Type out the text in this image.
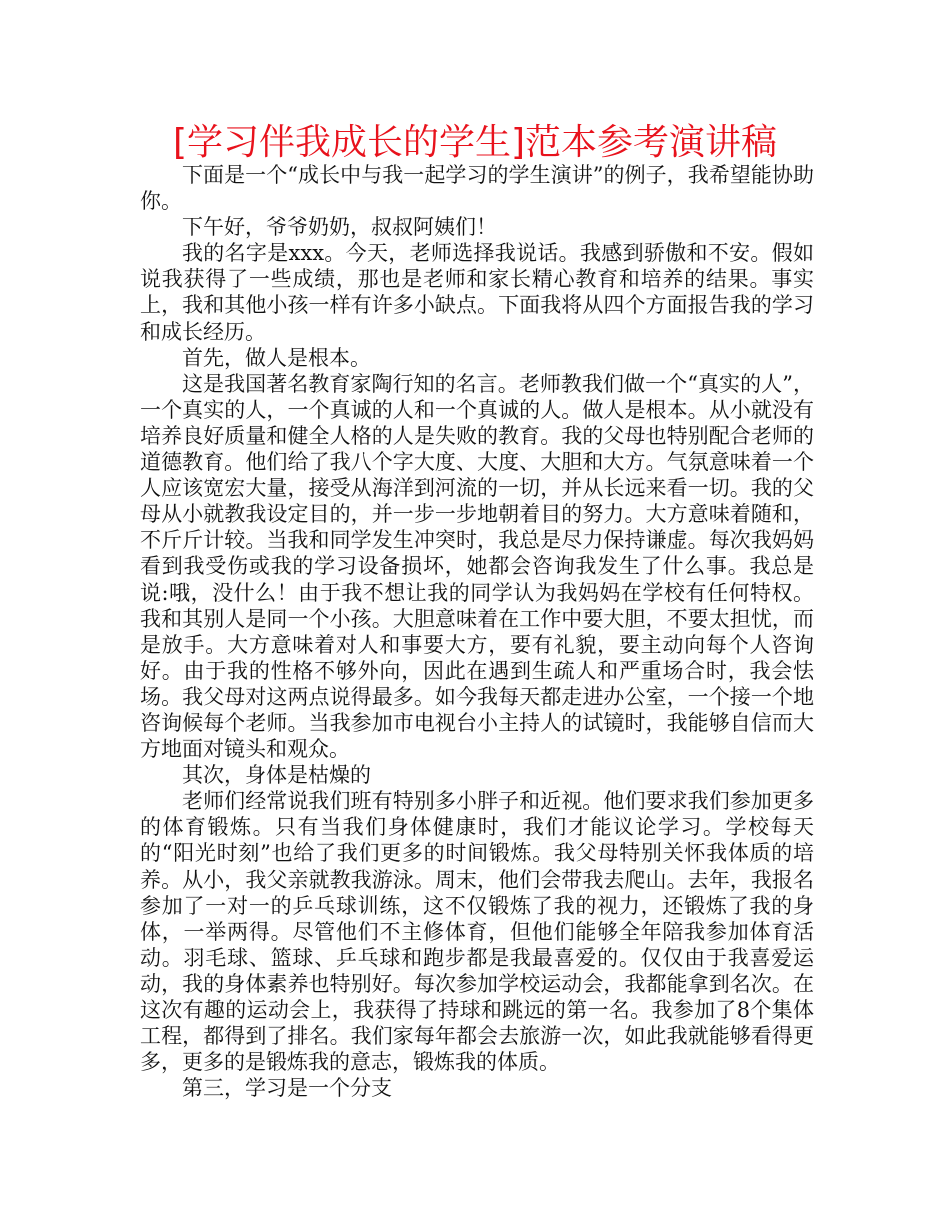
[学习伴我成长的学生]范本参考演讲稿

下面是一个“成长中与我一起学习的学生演讲”的例子，我希望能协助你。

下午好，爷爷奶奶，叔叔阿姨们！

我的名字是xxx。今天，老师选择我说话。我感到骄傲和不安。假如说我获得了一些成绩，那也是老师和家长精心教育和培养的结果。事实上，我和其他小孩一样有许多小缺点。下面我将从四个方面报告我的学习和成长经历。

首先，做人是根本。

这是我国著名教育家陶行知的名言。老师教我们做一个“真实的人”，一个真实的人，一个真诚的人和一个真诚的人。做人是根本。从小就没有培养良好质量和健全人格的人是失败的教育。我的父母也特别配合老师的道德教育。他们给了我八个字大度、大度、大胆和大方。气氛意味着一个人应该宽宏大量，接受从海洋到河流的一切，并从长远来看一切。我的父母从小就教我设定目的，并一步一步地朝着目的努力。大方意味着随和，不斤斤计较。当我和同学发生冲突时，我总是尽力保持谦虚。每次我妈妈看到我受伤或我的学习设备损坏，她都会咨询我发生了什么事。我总是说:哦，没什么！由于我不想让我的同学认为我妈妈在学校有任何特权。我和其别人是同一个小孩。大胆意味着在工作中要大胆，不要太担忧，而是放手。大方意味着对人和事要大方，要有礼貌，要主动向每个人咨询好。由于我的性格不够外向，因此在遇到生疏人和严重场合时，我会怯场。我父母对这两点说得最多。如今我每天都走进办公室，一个接一个地咨询候每个老师。当我参加市电视台小主持人的试镜时，我能够自信而大方地面对镜头和观众。

其次，身体是枯燥的

老师们经常说我们班有特别多小胖子和近视。他们要求我们参加更多的体育锻炼。只有当我们身体健康时，我们才能议论学习。学校每天的“阳光时刻”也给了我们更多的时间锻炼。我父母特别关怀我体质的培养。从小，我父亲就教我游泳。周末，他们会带我去爬山。去年，我报名参加了一对一的乒乓球训练，这不仅锻炼了我的视力，还锻炼了我的身体，一举两得。尽管他们不主修体育，但他们能够全年陪我参加体育活动。羽毛球、篮球、乒乓球和跑步都是我最喜爱的。仅仅由于我喜爱运动，我的身体素养也特别好。每次参加学校运动会，我都能拿到名次。在这次有趣的运动会上，我获得了持球和跳远的第一名。我参加了8个集体工程，都得到了排名。我们家每年都会去旅游一次，如此我就能够看得更多，更多的是锻炼我的意志，锻炼我的体质。

第三，学习是一个分支
